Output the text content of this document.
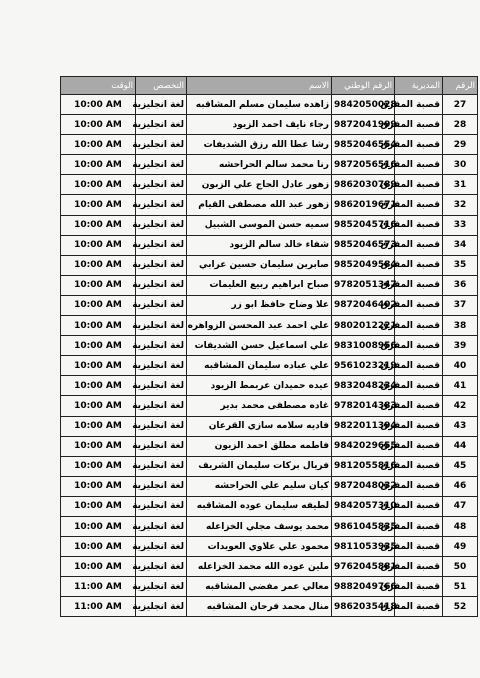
الرقم	المديرية	الرقم الوطني	الاسم	التخصص	الوقت
27	قصبة المفرق	9842050028	زاهده سليمان مسلم المشاقبه	لغة انجليزية	10:00 AM
28	قصبة المفرق	9872041999	رجاء نايف احمد الزيود	لغة انجليزية	10:00 AM
29	قصبة المفرق	9852046554	رشا عطا الله رزق الشديفات	لغة انجليزية	10:00 AM
30	قصبة المفرق	9872056516	رنا محمد سالم الحراحشه	لغة انجليزية	10:00 AM
31	قصبة المفرق	9862030789	زهور عادل الحاج علي الزبون	لغة انجليزية	10:00 AM
32	قصبة المفرق	9862019671	زهور عبد الله مصطفى القيام	لغة انجليزية	10:00 AM
33	قصبة المفرق	9852045716	سميه حسن الموسى الشبيل	لغة انجليزية	10:00 AM
34	قصبة المفرق	9852046573	شفاء خالد سالم الزيود	لغة انجليزية	10:00 AM
35	قصبة المفرق	9852049584	صابرين سليمان حسين عرابي	لغة انجليزية	10:00 AM
36	قصبة المفرق	9782051347	صباح ابراهيم ربيع العليمات	لغة انجليزية	10:00 AM
37	قصبة المفرق	9872046402	علا وضاح حافظ ابو زر	لغة انجليزية	10:00 AM
38	قصبة المفرق	9802012221	علي احمد عبد المحسن الزواهره	لغة انجليزية	10:00 AM
39	قصبة المفرق	9831008956	علي اسماعيل حسن الشديفات	لغة انجليزية	10:00 AM
40	قصبة المفرق	9561023219	علي عباده سليمان المشاقبه	لغة انجليزية	10:00 AM
41	قصبة المفرق	9832048234	عيده حميدان عربمط الزيود	لغة انجليزية	10:00 AM
42	قصبة المفرق	9782014383	غاده مصطفى محمد بدير	لغة انجليزية	10:00 AM
43	قصبة المفرق	9822011394	فاديه سلامه سازي القرعان	لغة انجليزية	10:00 AM
44	قصبة المفرق	9842029655	فاطمه مطلق احمد الزيون	لغة انجليزية	10:00 AM
45	قصبة المفرق	9812055816	فريال بركات سليمان الشريف	لغة انجليزية	10:00 AM
46	قصبة المفرق	9872048032	كيان سليم علي الحراحشه	لغة انجليزية	10:00 AM
47	قصبة المفرق	9842057310	لطيفه سليمان عوده المشاقبه	لغة انجليزية	10:00 AM
48	قصبة المفرق	9861045835	محمد يوسف مجلي الخزاعله	لغة انجليزية	10:00 AM
49	قصبة المفرق	9811053935	محمود علي علاوي العويدات	لغة انجليزية	10:00 AM
50	قصبة المفرق	9762045881	ملين عوده الله محمد الخزاعله	لغة انجليزية	10:00 AM
51	قصبة المفرق	9882049766	معالي عمر مفضي المشاقبه	لغة انجليزية	11:00 AM
52	قصبة المفرق	9862035418	منال محمد فرحان المشاقبه	لغة انجليزية	11:00 AM
